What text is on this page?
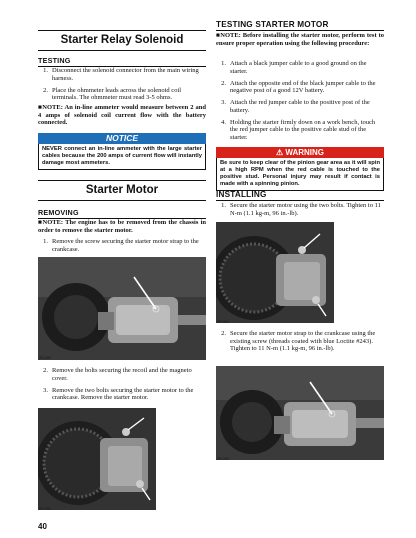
Starter Relay Solenoid
TESTING
1. Disconnect the solenoid connector from the main wiring harness.
2. Place the ohmmeter leads across the solenoid coil terminals. The ohmmeter must read 3-5 ohms.
■NOTE: An in-line ammeter would measure between 2 and 4 amps of solenoid coil current flow with the battery connected.
NOTICE
NEVER connect an in-line ammeter with the large starter cables because the 200 amps of current flow will instantly damage most ammeters.
Starter Motor
REMOVING
■NOTE: The engine has to be removed from the chassis in order to remove the starter motor.
1. Remove the screw securing the starter motor strap to the crankcase.
2. Remove the bolts securing the recoil and the magneto cover.
3. Remove the two bolts securing the starter motor to the crankcase. Remove the starter motor.
ZR-282
ZR-261
TESTING STARTER MOTOR
■NOTE: Before installing the starter motor, perform test to ensure proper operation using the following procedure:
1. Attach a black jumper cable to a good ground on the starter.
2. Attach the opposite end of the black jumper cable to the negative post of a good 12V battery.
3. Attach the red jumper cable to the positive post of the battery.
4. Holding the starter firmly down on a work bench, touch the red jumper cable to the positive cable stud of the starter.
⚠ WARNING
Be sure to keep clear of the pinion gear area as it will spin at a high RPM when the red cable is touched to the positive stud. Personal injury may result if contact is made with a spinning pinion.
INSTALLING
1. Secure the starter motor using the two bolts. Tighten to 11 N-m (1.1 kg-m, 96 in.-lb).
2. Secure the starter motor strap to the crankcase using the existing screw (threads coated with blue Loctite #243). Tighten to 11 N-m (1.1 kg-m, 96 in.-lb).
ZR-261
ZR-282
40
